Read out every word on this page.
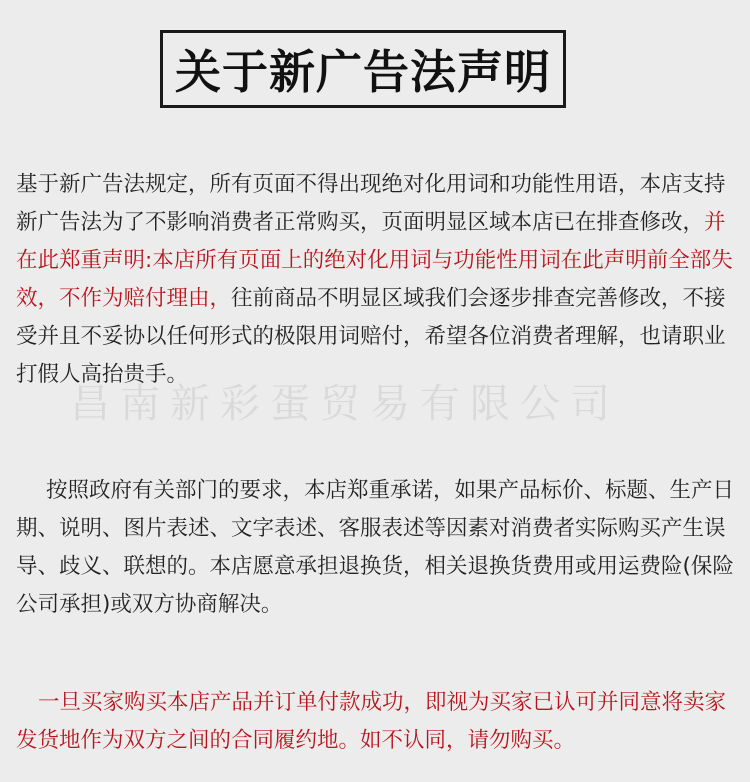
关于新广告法声明

基于新广告法规定，所有页面不得出现绝对化用词和功能性用语，本店支持新广告法为了不影响消费者正常购买，页面明显区域本店已在排查修改，并在此郑重声明:本店所有页面上的绝对化用词与功能性用词在此声明前全部失效，不作为赔付理由，往前商品不明显区域我们会逐步排查完善修改，不接受并且不妥协以任何形式的极限用词赔付，希望各位消费者理解，也请职业打假人高抬贵手。

按照政府有关部门的要求，本店郑重承诺，如果产品标价、标题、生产日期、说明、图片表述、文字表述、客服表述等因素对消费者实际购买产生误导、歧义、联想的。本店愿意承担退换货，相关退换货费用或用运费险(保险公司承担)或双方协商解决。

一旦买家购买本店产品并订单付款成功，即视为买家已认可并同意将卖家发货地作为双方之间的合同履约地。如不认同，请勿购买。

昌南新彩蛋贸易有限公司
